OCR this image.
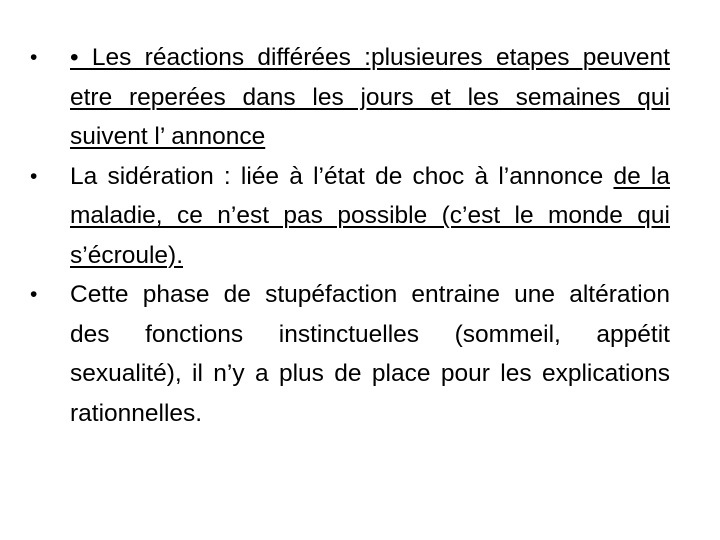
•	• Les réactions différées :plusieures etapes peuvent etre reperées dans les jours et les semaines qui suivent l’ annonce
•	La sidération : liée à l’état de choc à l’annonce de la maladie, ce n’est pas possible (c’est le monde qui s’écroule).
•	Cette phase de stupéfaction entraine une altération des fonctions instinctuelles (sommeil, appétit sexualité), il n’y a plus de place pour les explications rationnelles.
